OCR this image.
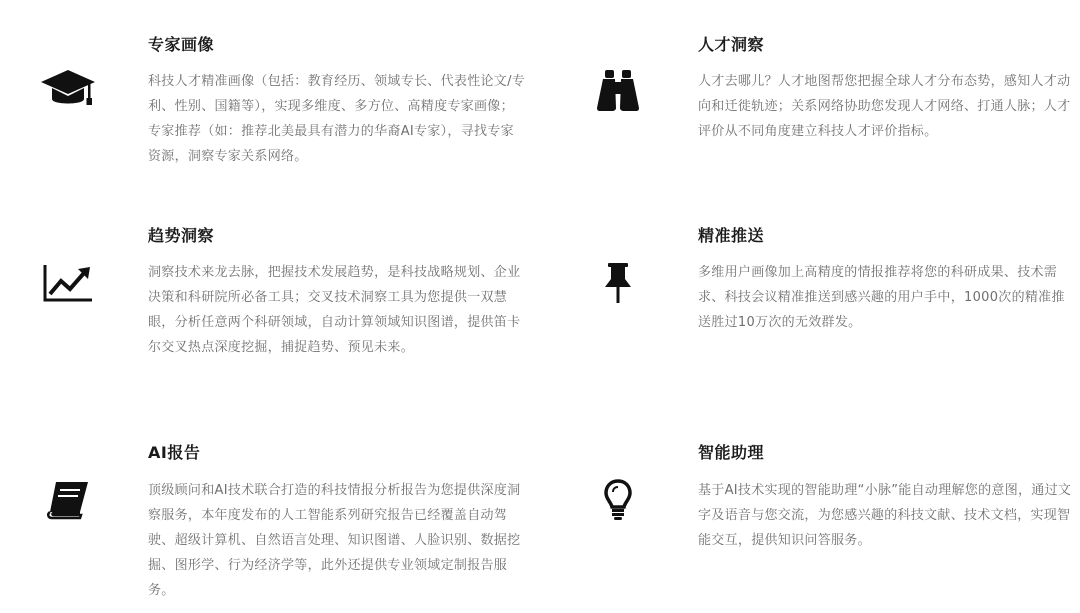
专家画像
科技人才精准画像（包括：教育经历、领域专长、代表性论文/专利、性别、国籍等），实现多维度、多方位、高精度专家画像；专家推荐（如：推荐北美最具有潜力的华裔AI专家），寻找专家资源，洞察专家关系网络。
趋势洞察
洞察技术来龙去脉，把握技术发展趋势，是科技战略规划、企业决策和科研院所必备工具；交叉技术洞察工具为您提供一双慧眼，分析任意两个科研领域，自动计算领域知识图谱，提供笛卡尔交叉热点深度挖掘，捕捉趋势、预见未来。
AI报告
顶级顾问和AI技术联合打造的科技情报分析报告为您提供深度洞察服务，本年度发布的人工智能系列研究报告已经覆盖自动驾驶、超级计算机、自然语言处理、知识图谱、人脸识别、数据挖掘、图形学、行为经济学等，此外还提供专业领域定制报告服务。
人才洞察
人才去哪儿？人才地图帮您把握全球人才分布态势，感知人才动向和迁徙轨迹；关系网络协助您发现人才网络、打通人脉；人才评价从不同角度建立科技人才评价指标。
精准推送
多维用户画像加上高精度的情报推荐将您的科研成果、技术需求、科技会议精准推送到感兴趣的用户手中，1000次的精准推送胜过10万次的无效群发。
智能助理
基于AI技术实现的智能助理“小脉”能自动理解您的意图，通过文字及语音与您交流，为您感兴趣的科技文献、技术文档，实现智能交互，提供知识问答服务。
